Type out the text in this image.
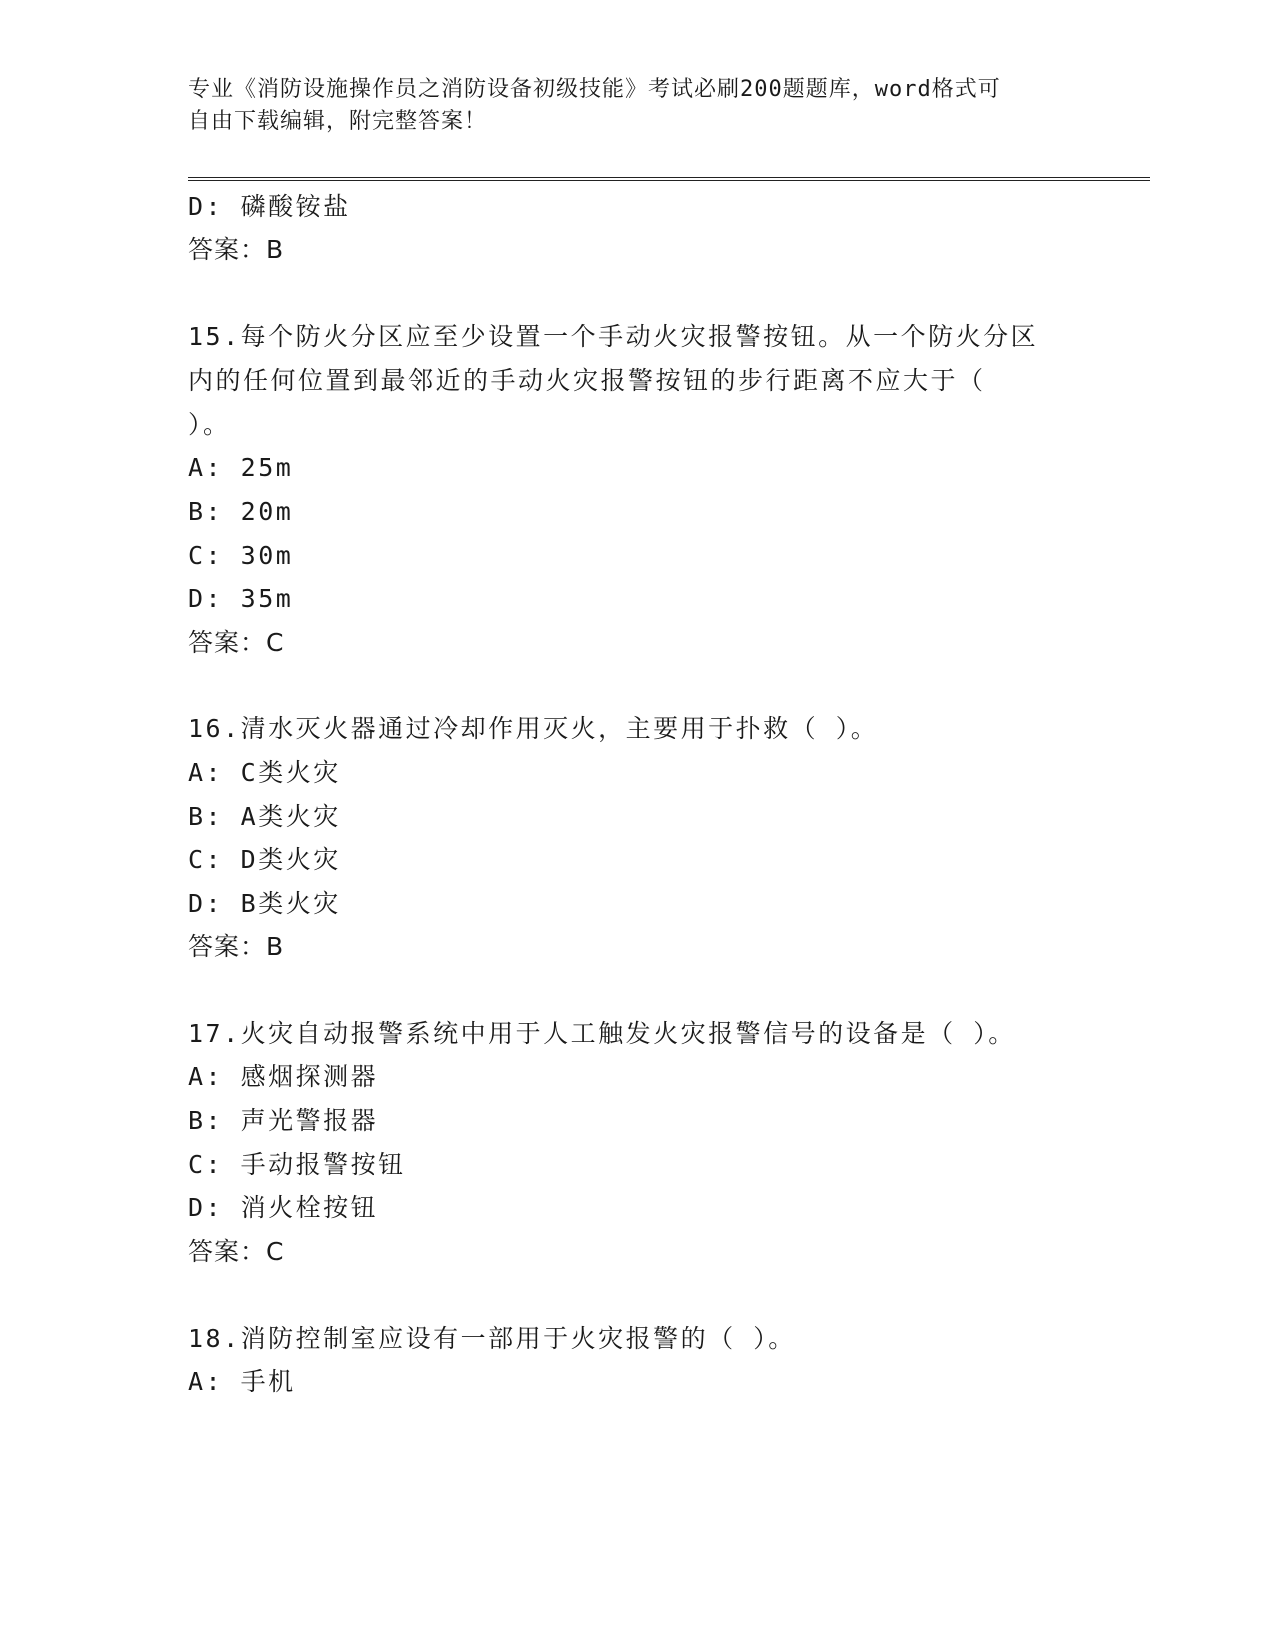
专业《消防设施操作员之消防设备初级技能》考试必刷200题题库，word格式可
自由下载编辑，附完整答案！
D: 磷酸铵盐
答案：B
15.每个防火分区应至少设置一个手动火灾报警按钮。从一个防火分区
内的任何位置到最邻近的手动火灾报警按钮的步行距离不应大于（
）。
A: 25m
B: 20m
C: 30m
D: 35m
答案：C
16.清水灭火器通过冷却作用灭火，主要用于扑救（ ）。
A: C类火灾
B: A类火灾
C: D类火灾
D: B类火灾
答案：B
17.火灾自动报警系统中用于人工触发火灾报警信号的设备是（ ）。
A: 感烟探测器
B: 声光警报器
C: 手动报警按钮
D: 消火栓按钮
答案：C
18.消防控制室应设有一部用于火灾报警的（ ）。
A: 手机
